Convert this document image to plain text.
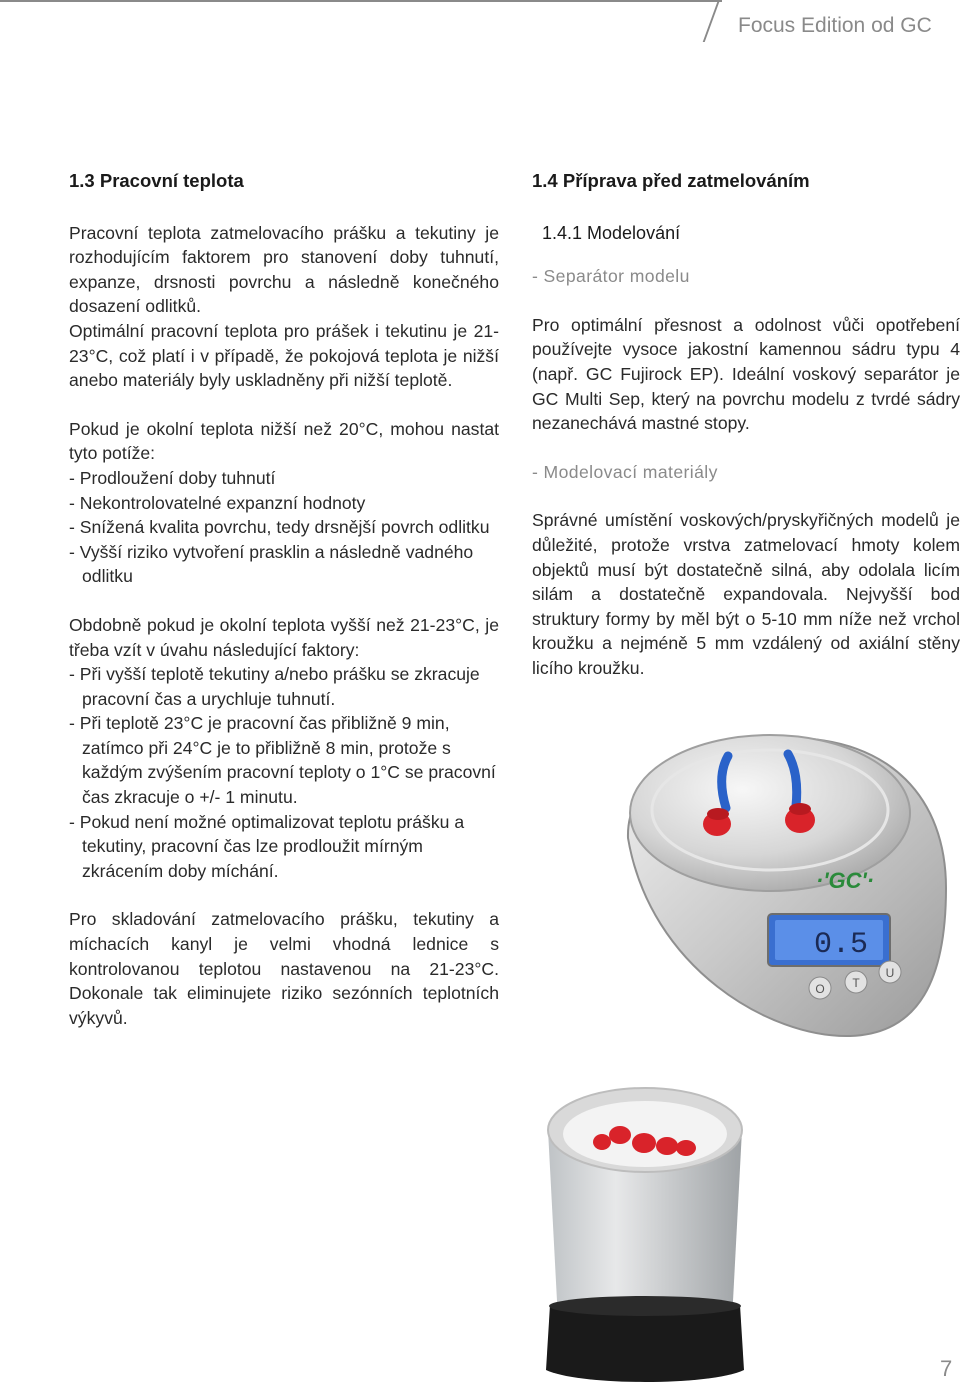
Focus Edition od GC
1.3 Pracovní teplota

Pracovní teplota zatmelovacího prášku a tekutiny je rozhodujícím faktorem pro stanovení doby tuhnutí, expanze, drsnosti povrchu a následně konečného dosazení odlitků.

Optimální pracovní teplota pro prášek i tekutinu je 21-23°C, což platí i v případě, že pokojová teplota je nižší anebo materiály byly uskladněny při nižší teplotě.

Pokud je okolní teplota nižší než 20°C, mohou nastat tyto potíže:

- Prodloužení doby tuhnutí
- Nekontrolovatelné expanzní hodnoty
- Snížená kvalita povrchu, tedy drsnější povrch odlitku
- Vyšší riziko vytvoření prasklin a následně vadného odlitku

Obdobně pokud je okolní teplota vyšší než 21-23°C, je třeba vzít v úvahu následující faktory:

- Při vyšší teplotě tekutiny a/nebo prášku se zkracuje pracovní čas a urychluje tuhnutí.
- Při teplotě 23°C je pracovní čas přibližně 9 min, zatímco při 24°C je to přibližně 8 min, protože s každým zvýšením pracovní teploty o 1°C se pracovní čas zkracuje o +/- 1 minutu.
- Pokud není možné optimalizovat teplotu prášku a tekutiny, pracovní čas lze prodloužit mírným zkrácením doby míchání.

Pro skladování zatmelovacího prášku, tekutiny a míchacích kanyl je velmi vhodná lednice s kontrolovanou teplotou nastavenou na 21-23°C. Dokonale tak eliminujete riziko sezónních teplotních výkyvů.

1.4 Příprava před zatmelováním
1.4.1 Modelování
- Separátor modelu

Pro optimální přesnost a odolnost vůči opotřebení používejte vysoce jakostní kamennou sádru typu 4 (např. GC Fujirock EP). Ideální voskový separátor je GC Multi Sep, který na povrchu modelu z tvrdé sádry nezanechává mastné stopy.

- Modelovací materiály

Správné umístění voskových/pryskyřičných modelů je důležité, protože vrstva zatmelovací hmoty kolem objektů musí být dostatečně silná, aby odolala licím silám a dostatečně expandovala. Nejvyšší bod struktury formy by měl být o 5-10 mm níže než vrchol kroužku a nejméně 5 mm vzdálený od axiální stěny licího kroužku.

·'GC'·
0.5
O T
U
7
